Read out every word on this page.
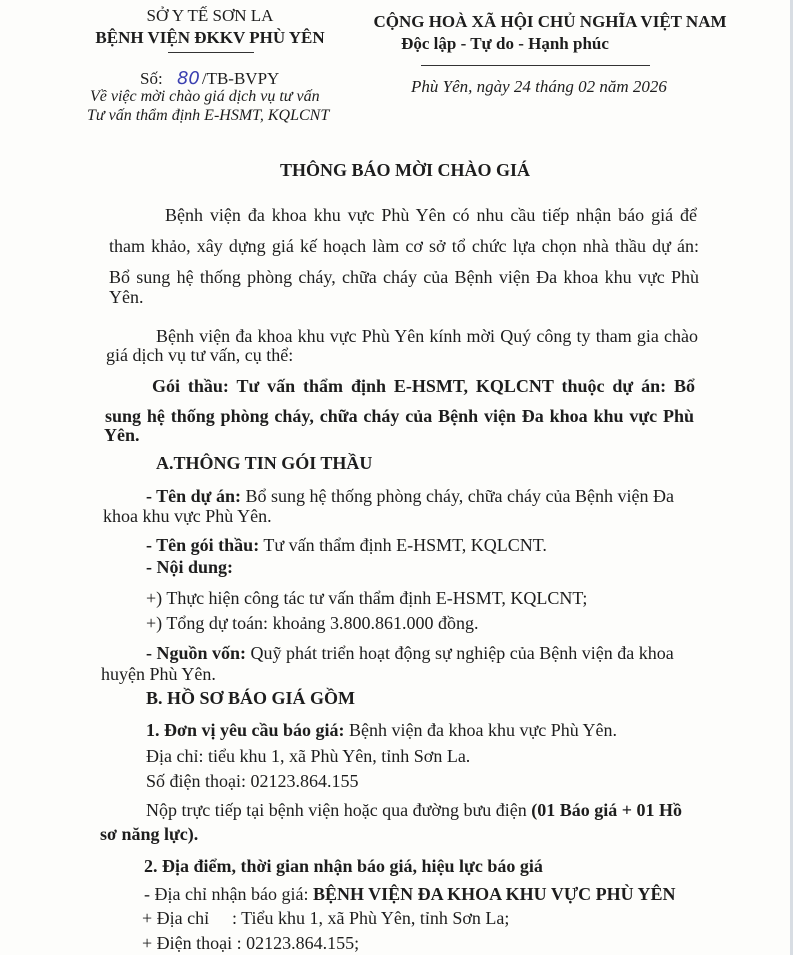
SỞ Y TẾ SƠN LA
BỆNH VIỆN ĐKKV PHÙ YÊN
Số: 80 /TB-BVPY
Về việc mời chào giá dịch vụ tư vấn
Tư vấn thẩm định E-HSMT, KQLCNT
CỘNG HOÀ XÃ HỘI CHỦ NGHĨA VIỆT NAM
Độc lập - Tự do - Hạnh phúc
Phù Yên, ngày 24 tháng 02 năm 2026
THÔNG BÁO MỜI CHÀO GIÁ
Bệnh viện đa khoa khu vực Phù Yên có nhu cầu tiếp nhận báo giá để
tham khảo, xây dựng giá kế hoạch làm cơ sở tổ chức lựa chọn nhà thầu dự án:
Bổ sung hệ thống phòng cháy, chữa cháy của Bệnh viện Đa khoa khu vực Phù
Yên.
Bệnh viện đa khoa khu vực Phù Yên kính mời Quý công ty tham gia chào
giá dịch vụ tư vấn, cụ thể:
Gói thầu: Tư vấn thẩm định E-HSMT, KQLCNT thuộc dự án: Bổ
sung hệ thống phòng cháy, chữa cháy của Bệnh viện Đa khoa khu vực Phù
Yên.
A.THÔNG TIN GÓI THẦU
- Tên dự án: Bổ sung hệ thống phòng cháy, chữa cháy của Bệnh viện Đa
khoa khu vực Phù Yên.
- Tên gói thầu: Tư vấn thẩm định E-HSMT, KQLCNT.
- Nội dung:
+) Thực hiện công tác tư vấn thẩm định E-HSMT, KQLCNT;
+) Tổng dự toán: khoảng 3.800.861.000 đồng.
- Nguồn vốn: Quỹ phát triển hoạt động sự nghiệp của Bệnh viện đa khoa
huyện Phù Yên.
B. HỒ SƠ BÁO GIÁ GỒM
1. Đơn vị yêu cầu báo giá: Bệnh viện đa khoa khu vực Phù Yên.
Địa chỉ: tiểu khu 1, xã Phù Yên, tỉnh Sơn La.
Số điện thoại: 02123.864.155
Nộp trực tiếp tại bệnh viện hoặc qua đường bưu điện (01 Báo giá + 01 Hồ
sơ năng lực).
2. Địa điểm, thời gian nhận báo giá, hiệu lực báo giá
- Địa chỉ nhận báo giá: BỆNH VIỆN ĐA KHOA KHU VỰC PHÙ YÊN
+ Địa chỉ : Tiểu khu 1, xã Phù Yên, tỉnh Sơn La;
+ Điện thoại : 02123.864.155;
